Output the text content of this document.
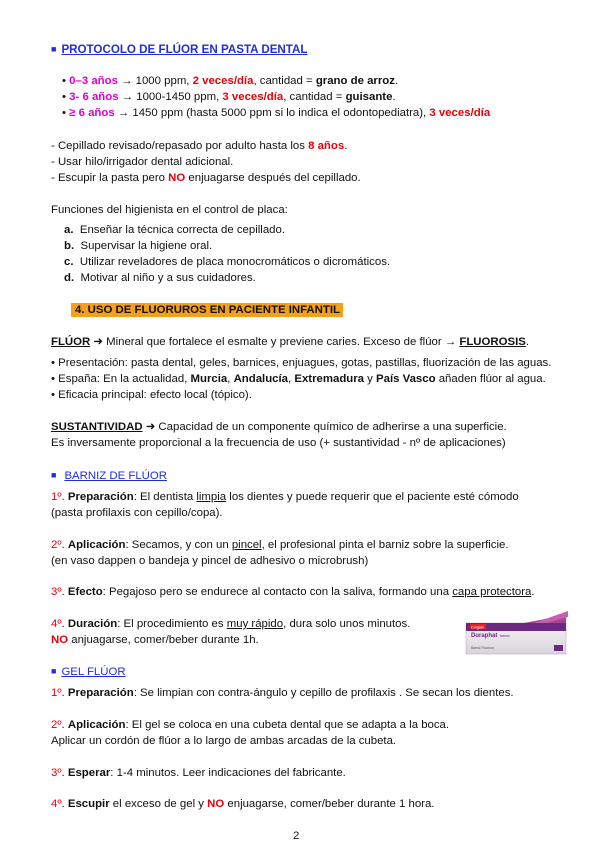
■ PROTOCOLO DE FLÚOR EN PASTA DENTAL
• 0–3 años → 1000 ppm, 2 veces/día, cantidad = grano de arroz.
• 3- 6 años → 1000-1450 ppm, 3 veces/día, cantidad = guisante.
• ≥ 6 años → 1450 ppm (hasta 5000 ppm si lo indica el odontopediatra), 3 veces/día
- Cepillado revisado/repasado por adulto hasta los 8 años.
- Usar hilo/irrigador dental adicional.
- Escupir la pasta pero NO enjuagarse después del cepillado.
Funciones del higienista en el control de placa:
a. Enseñar la técnica correcta de cepillado.
b. Supervisar la higiene oral.
c. Utilizar reveladores de placa monocromáticos o dicromáticos.
d. Motivar al niño y a sus cuidadores.
4. USO DE FLUORUROS EN PACIENTE INFANTIL
FLÚOR ➜ Mineral que fortalece el esmalte y previene caries. Exceso de flúor → FLUOROSIS.
• Presentación: pasta dental, geles, barnices, enjuagues, gotas, pastillas, fluorización de las aguas.
• España: En la actualidad, Murcia, Andalucía, Extremadura y País Vasco añaden flúor al agua.
• Eficacia principal: efecto local (tópico).
SUSTANTIVIDAD ➜ Capacidad de un componente químico de adherirse a una superficie.
Es inversamente proporcional a la frecuencia de uso (+ sustantividad - nº de aplicaciones)
■ BARNIZ DE FLÚOR
1º. Preparación: El dentista limpia los dientes y puede requerir que el paciente esté cómodo
(pasta profilaxis con cepillo/copa).
2º. Aplicación: Secamos, y con un pincel, el profesional pinta el barniz sobre la superficie.
(en vaso dappen o bandeja y pincel de adhesivo o microbrush)
3º. Efecto: Pegajoso pero se endurece al contacto con la saliva, formando una capa protectora.
4º. Duración: El procedimiento es muy rápido, dura solo unos minutos.
NO anjuagarse, comer/beber durante 1h.
Colgate
Duraphat barniz
Barniz Fluoruro
■ GEL FLÚOR
1º. Preparación: Se limpian con contra-ángulo y cepillo de profilaxis . Se secan los dientes.
2º. Aplicación: El gel se coloca en una cubeta dental que se adapta a la boca.
Aplicar un cordón de flúor a lo largo de ambas arcadas de la cubeta.
3º. Esperar: 1-4 minutos. Leer indicaciones del fabricante.
4º. Escupir el exceso de gel y NO enjuagarse, comer/beber durante 1 hora.
2
